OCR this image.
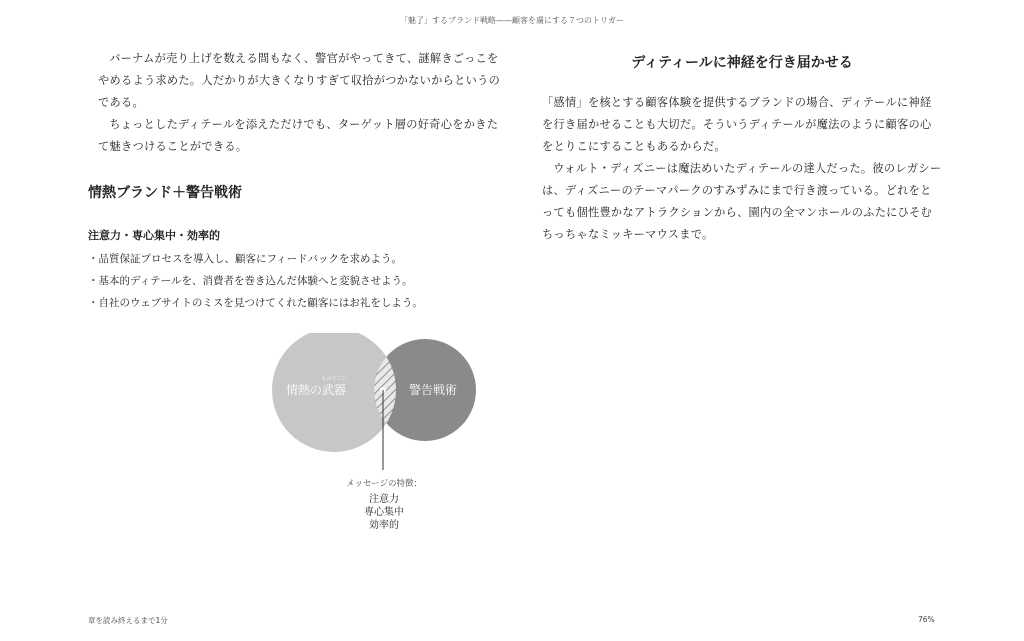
「魅了」するブランド戦略——顧客を虜にする７つのトリガー

バーナムが売り上げを数える間もなく、警官がやってきて、謎解きごっこをやめるよう求めた。人だかりが大きくなりすぎて収拾がつかないからというのである。

ちょっとしたディテールを添えただけでも、ターゲット層の好奇心をかきたて魅きつけることができる。

情熱ブランド＋警告戦術
注意力・専心集中・効率的
・品質保証プロセスを導入し、顧客にフィードバックを求めよう。
・基本的ディテールを、消費者を巻き込んだ体験へと変貌させよう。
・自社のウェブサイトのミスを見つけてくれた顧客にはお礼をしよう。
ものすごい
情熱の武器	警告戦術
メッセージの特徴：
注意力
専心集中
効率的
ディティールに神経を行き届かせる

「感情」を核とする顧客体験を提供するブランドの場合、ディテールに神経を行き届かせることも大切だ。そういうディテールが魔法のように顧客の心をとりこにすることもあるからだ。

ウォルト・ディズニーは魔法めいたディテールの達人だった。彼のレガシーは、ディズニーのテーマパークのすみずみにまで行き渡っている。どれをとっても個性豊かなアトラクションから、園内の全マンホールのふたにひそむちっちゃなミッキーマウスまで。

章を読み終えるまで1分	76%
